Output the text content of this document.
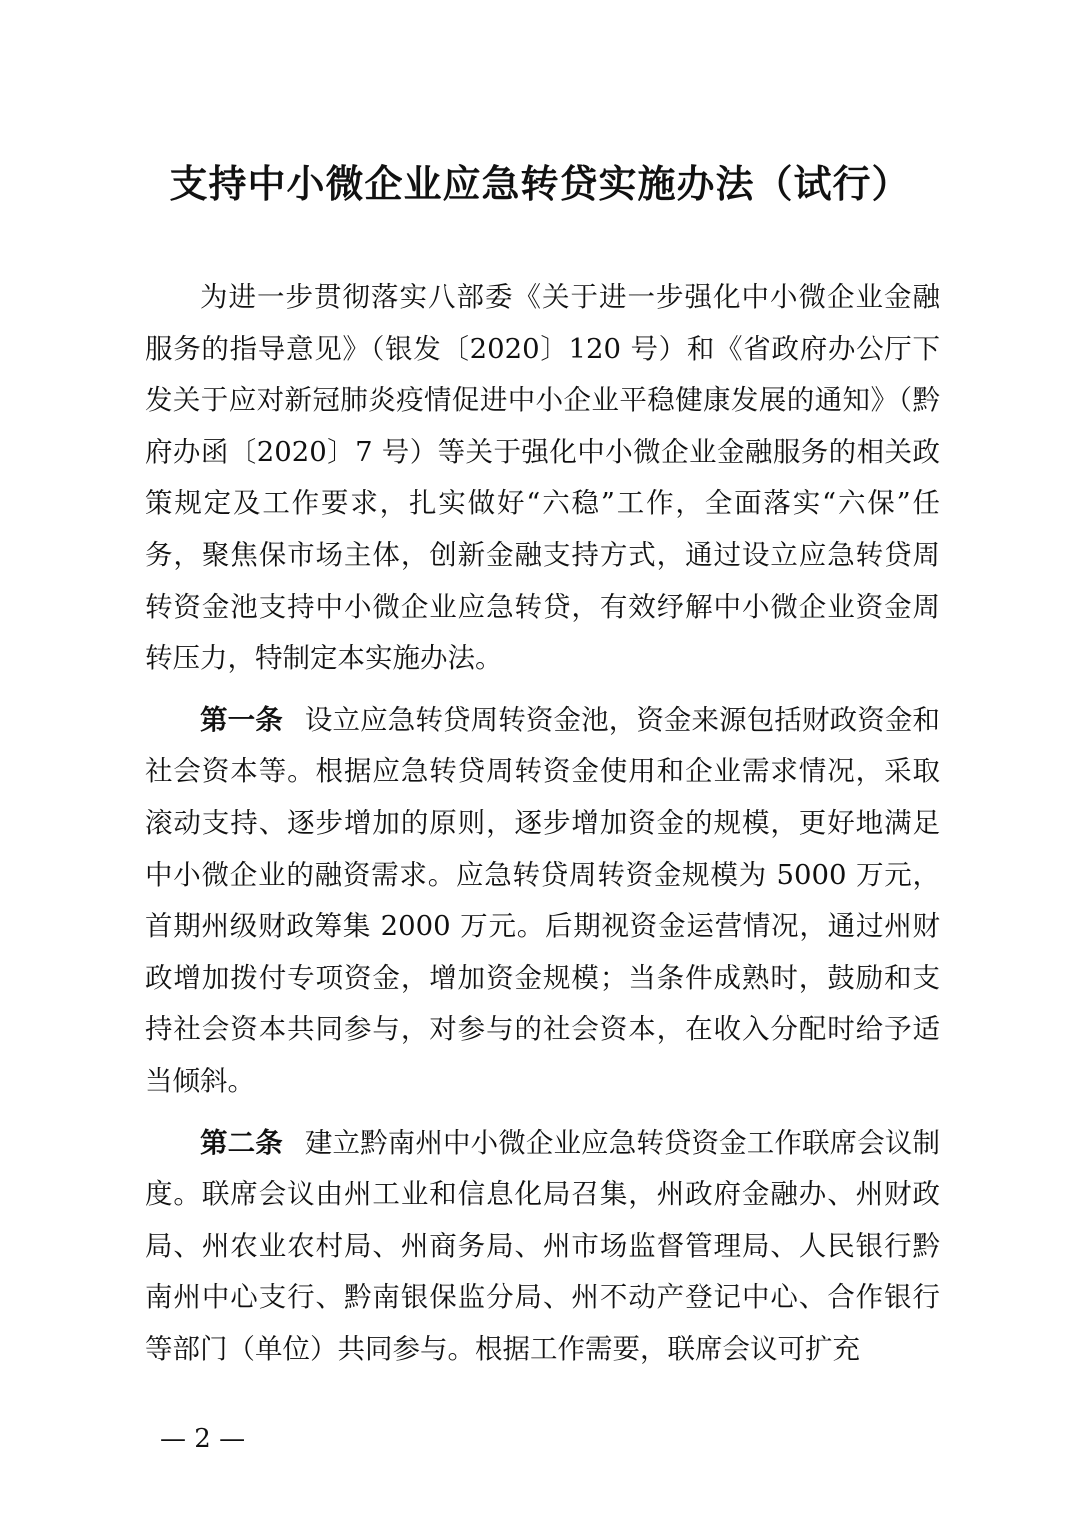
支持中小微企业应急转贷实施办法（试行）

为进一步贯彻落实八部委《关于进一步强化中小微企业金融服务的指导意见》（银发〔2020〕120 号）和《省政府办公厅下发关于应对新冠肺炎疫情促进中小企业平稳健康发展的通知》（黔府办函〔2020〕7 号）等关于强化中小微企业金融服务的相关政策规定及工作要求，扎实做好“六稳”工作，全面落实“六保”任务，聚焦保市场主体，创新金融支持方式，通过设立应急转贷周转资金池支持中小微企业应急转贷，有效纾解中小微企业资金周转压力，特制定本实施办法。

第一条 设立应急转贷周转资金池，资金来源包括财政资金和社会资本等。根据应急转贷周转资金使用和企业需求情况，采取滚动支持、逐步增加的原则，逐步增加资金的规模，更好地满足中小微企业的融资需求。应急转贷周转资金规模为 5000 万元，首期州级财政筹集 2000 万元。后期视资金运营情况，通过州财政增加拨付专项资金，增加资金规模；当条件成熟时，鼓励和支持社会资本共同参与，对参与的社会资本，在收入分配时给予适当倾斜。

第二条 建立黔南州中小微企业应急转贷资金工作联席会议制度。联席会议由州工业和信息化局召集，州政府金融办、州财政局、州农业农村局、州商务局、州市场监督管理局、人民银行黔南州中心支行、黔南银保监分局、州不动产登记中心、合作银行等部门（单位）共同参与。根据工作需要，联席会议可扩充

— 2 —
